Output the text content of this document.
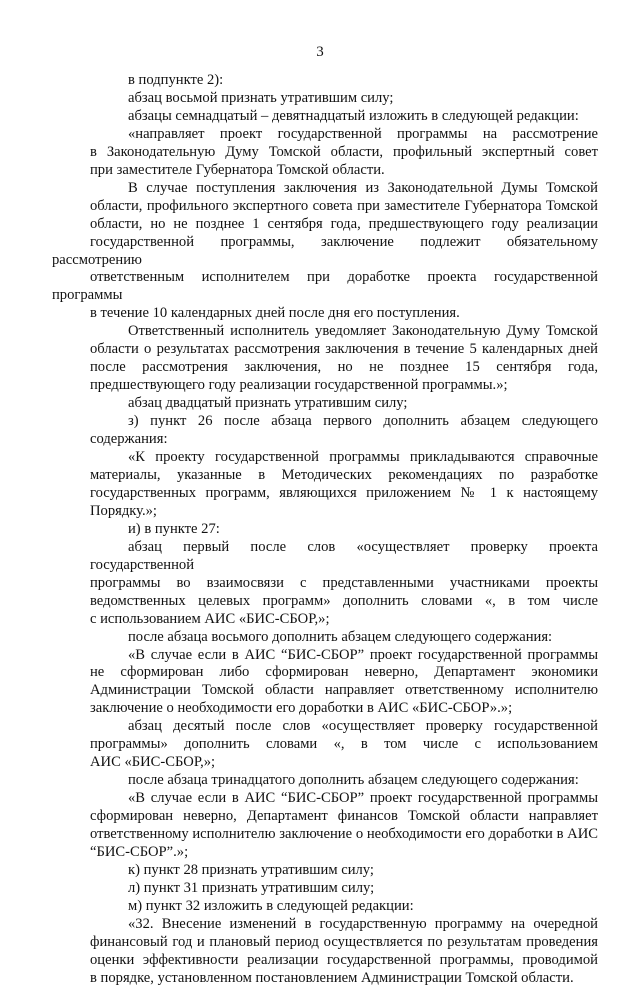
3
в подпункте 2):
абзац восьмой признать утратившим силу;
абзацы семнадцатый – девятнадцатый изложить в следующей редакции:
«направляет проект государственной программы на рассмотрение
в Законодательную Думу Томской области, профильный экспертный совет
при заместителе Губернатора Томской области.
В случае поступления заключения из Законодательной Думы Томской
области, профильного экспертного совета при заместителе Губернатора Томской
области, но не позднее 1 сентября года, предшествующего году реализации
государственной программы, заключение подлежит обязательному рассмотрению
ответственным исполнителем при доработке проекта государственной программы
в течение 10 календарных дней после дня его поступления.
Ответственный исполнитель уведомляет Законодательную Думу Томской
области о результатах рассмотрения заключения в течение 5 календарных дней
после рассмотрения заключения, но не позднее 15 сентября года,
предшествующего году реализации государственной программы.»;
абзац двадцатый признать утратившим силу;
з) пункт 26 после абзаца первого дополнить абзацем следующего
содержания:
«К проекту государственной программы прикладываются справочные
материалы, указанные в Методических рекомендациях по разработке
государственных программ, являющихся приложением № 1 к настоящему
Порядку.»;
и) в пункте 27:
абзац первый после слов «осуществляет проверку проекта государственной
программы во взаимосвязи с представленными участниками проекты
ведомственных целевых программ» дополнить словами «, в том числе
с использованием АИС «БИС-СБОР,»;
после абзаца восьмого дополнить абзацем следующего содержания:
«В случае если в АИС “БИС-СБОР” проект государственной программы
не сформирован либо сформирован неверно, Департамент экономики
Администрации Томской области направляет ответственному исполнителю
заключение о необходимости его доработки в АИС «БИС-СБОР».»;
абзац десятый после слов «осуществляет проверку государственной
программы» дополнить словами «, в том числе с использованием
АИС «БИС-СБОР,»;
после абзаца тринадцатого дополнить абзацем следующего содержания:
«В случае если в АИС “БИС-СБОР” проект государственной программы
сформирован неверно, Департамент финансов Томской области направляет
ответственному исполнителю заключение о необходимости его доработки в АИС
“БИС-СБОР”.»;
к) пункт 28 признать утратившим силу;
л) пункт 31 признать утратившим силу;
м) пункт 32 изложить в следующей редакции:
«32. Внесение изменений в государственную программу на очередной
финансовый год и плановый период осуществляется по результатам проведения
оценки эффективности реализации государственной программы, проводимой
в порядке, установленном постановлением Администрации Томской области.
